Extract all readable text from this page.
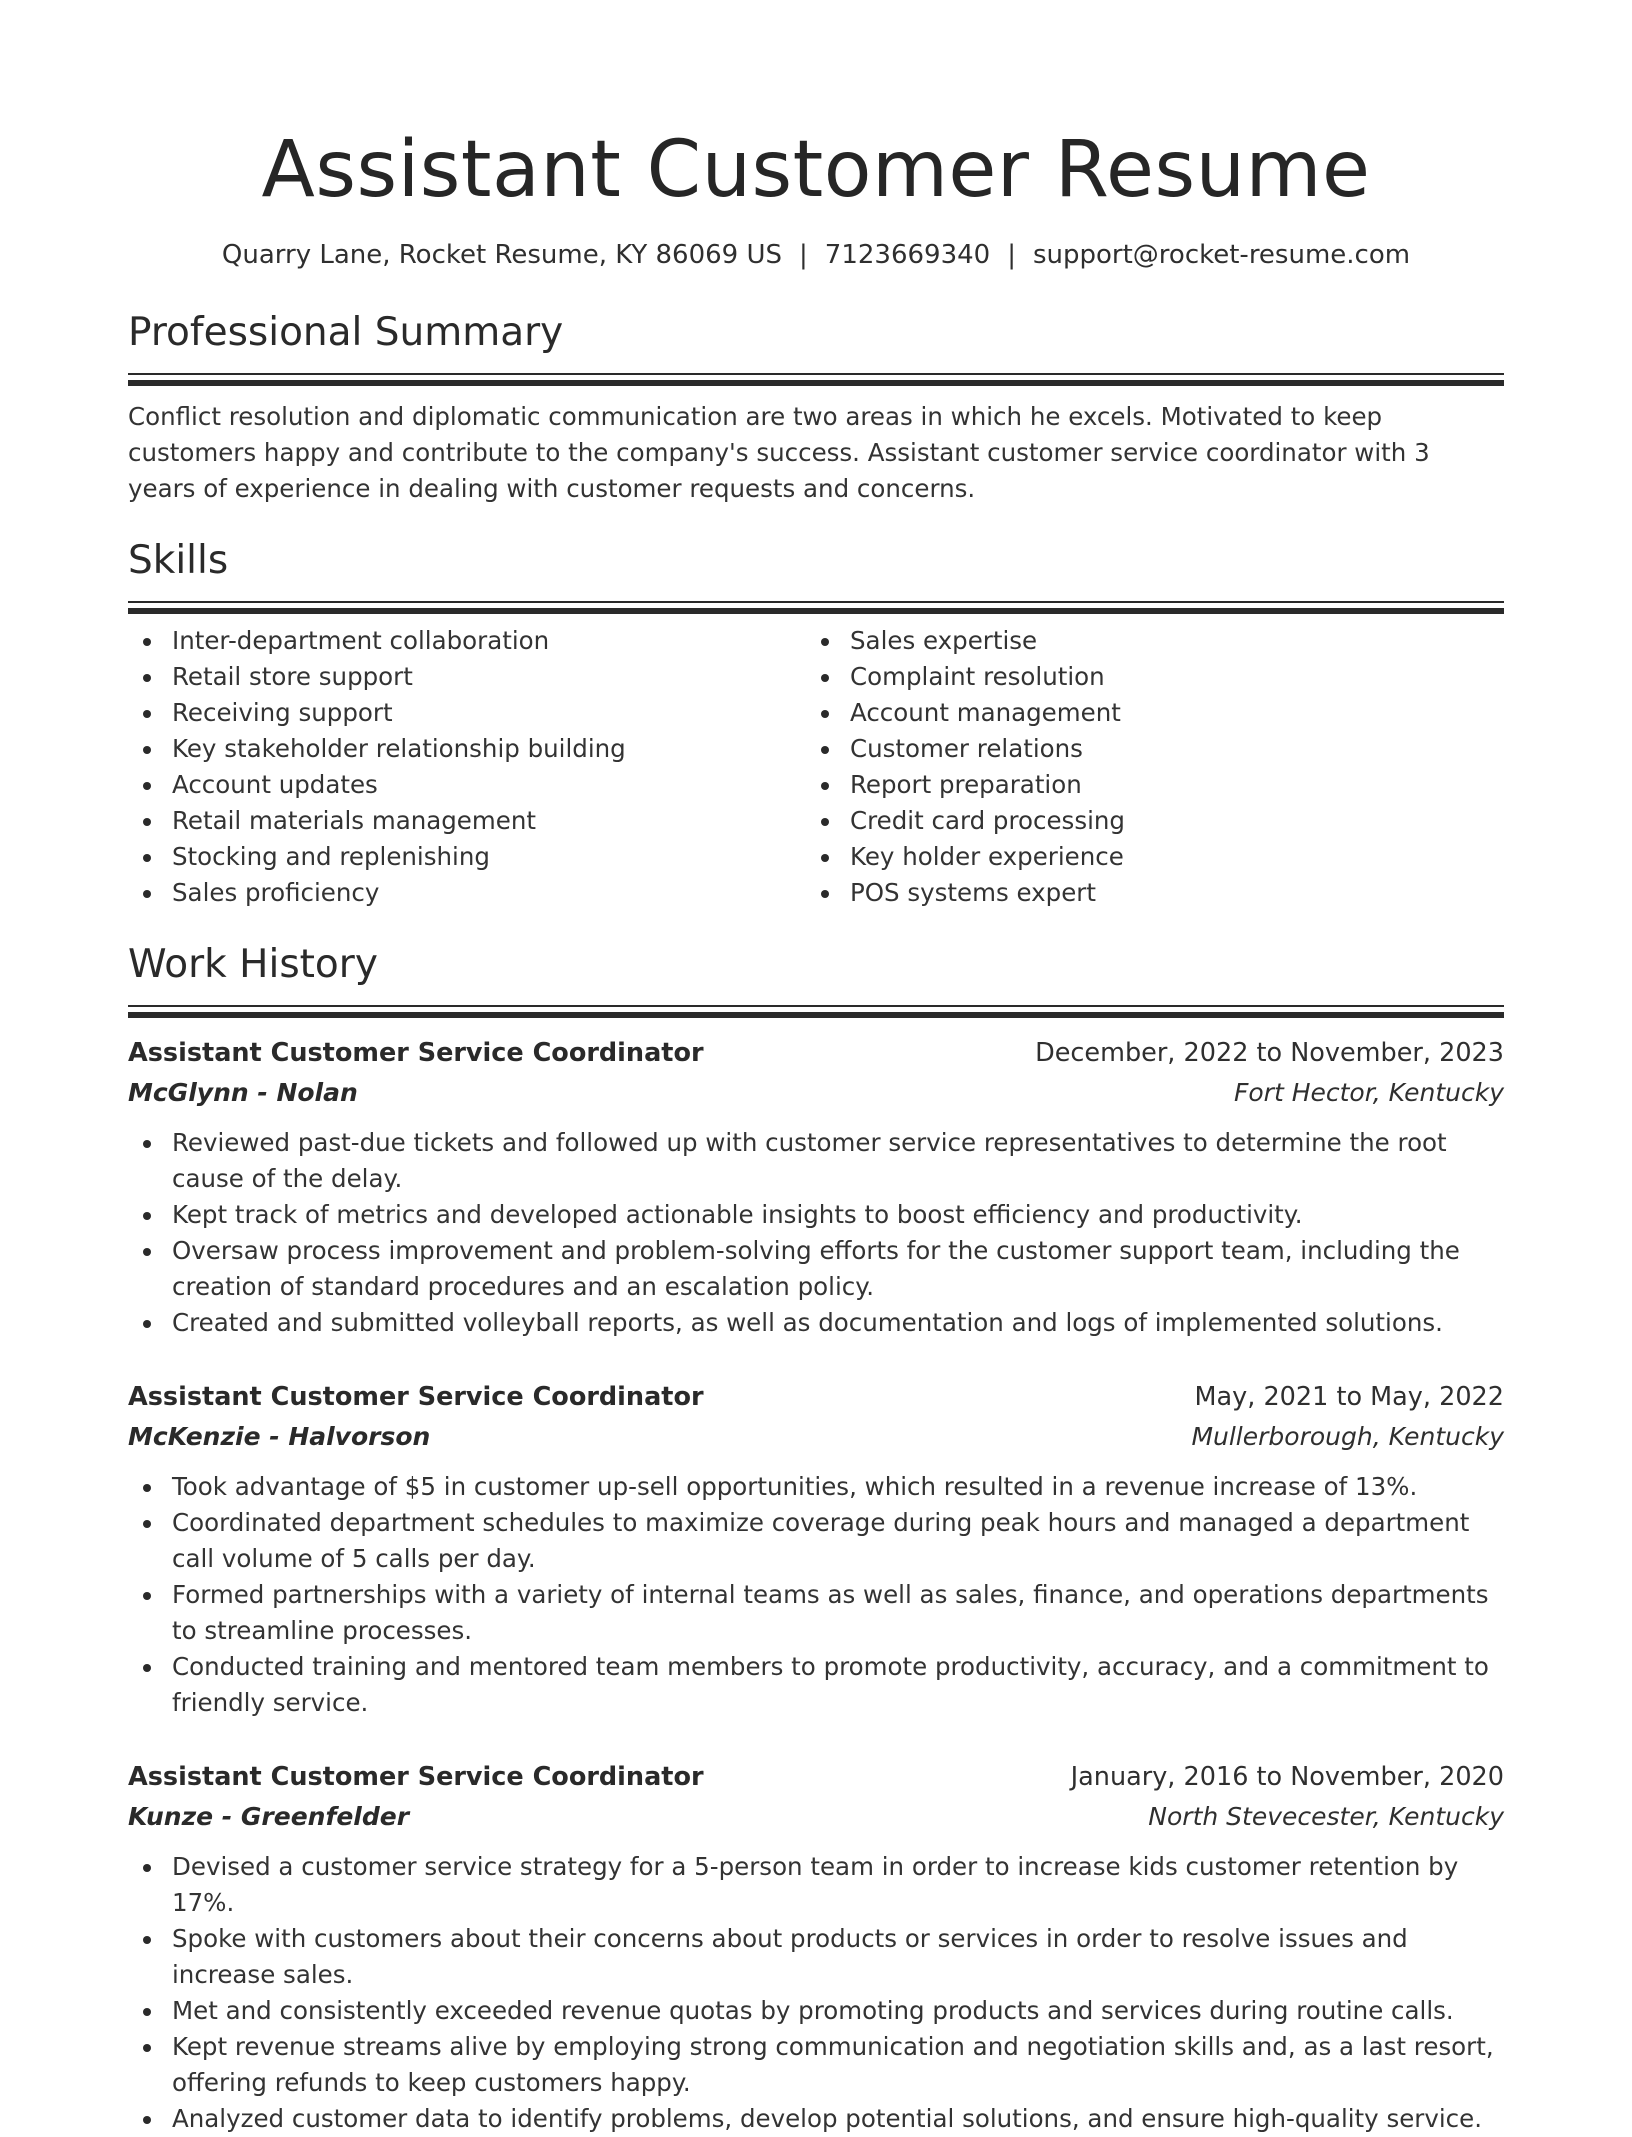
Assistant Customer Resume
Quarry Lane, Rocket Resume, KY 86069 US | 7123669340 | support@rocket-resume.com
Professional Summary
Conflict resolution and diplomatic communication are two areas in which he excels. Motivated to keep customers happy and contribute to the company's success. Assistant customer service coordinator with 3 years of experience in dealing with customer requests and concerns.
Skills
Inter-department collaboration
Retail store support
Receiving support
Key stakeholder relationship building
Account updates
Retail materials management
Stocking and replenishing
Sales proficiency
Sales expertise
Complaint resolution
Account management
Customer relations
Report preparation
Credit card processing
Key holder experience
POS systems expert
Work History
Assistant Customer Service Coordinator	December, 2022 to November, 2023
McGlynn - Nolan	Fort Hector, Kentucky
Reviewed past-due tickets and followed up with customer service representatives to determine the root cause of the delay.
Kept track of metrics and developed actionable insights to boost efficiency and productivity.
Oversaw process improvement and problem-solving efforts for the customer support team, including the creation of standard procedures and an escalation policy.
Created and submitted volleyball reports, as well as documentation and logs of implemented solutions.
Assistant Customer Service Coordinator	May, 2021 to May, 2022
McKenzie - Halvorson	Mullerborough, Kentucky
Took advantage of $5 in customer up-sell opportunities, which resulted in a revenue increase of 13%.
Coordinated department schedules to maximize coverage during peak hours and managed a department call volume of 5 calls per day.
Formed partnerships with a variety of internal teams as well as sales, finance, and operations departments to streamline processes.
Conducted training and mentored team members to promote productivity, accuracy, and a commitment to friendly service.
Assistant Customer Service Coordinator	January, 2016 to November, 2020
Kunze - Greenfelder	North Stevecester, Kentucky
Devised a customer service strategy for a 5-person team in order to increase kids customer retention by 17%.
Spoke with customers about their concerns about products or services in order to resolve issues and increase sales.
Met and consistently exceeded revenue quotas by promoting products and services during routine calls.
Kept revenue streams alive by employing strong communication and negotiation skills and, as a last resort, offering refunds to keep customers happy.
Analyzed customer data to identify problems, develop potential solutions, and ensure high-quality service.
